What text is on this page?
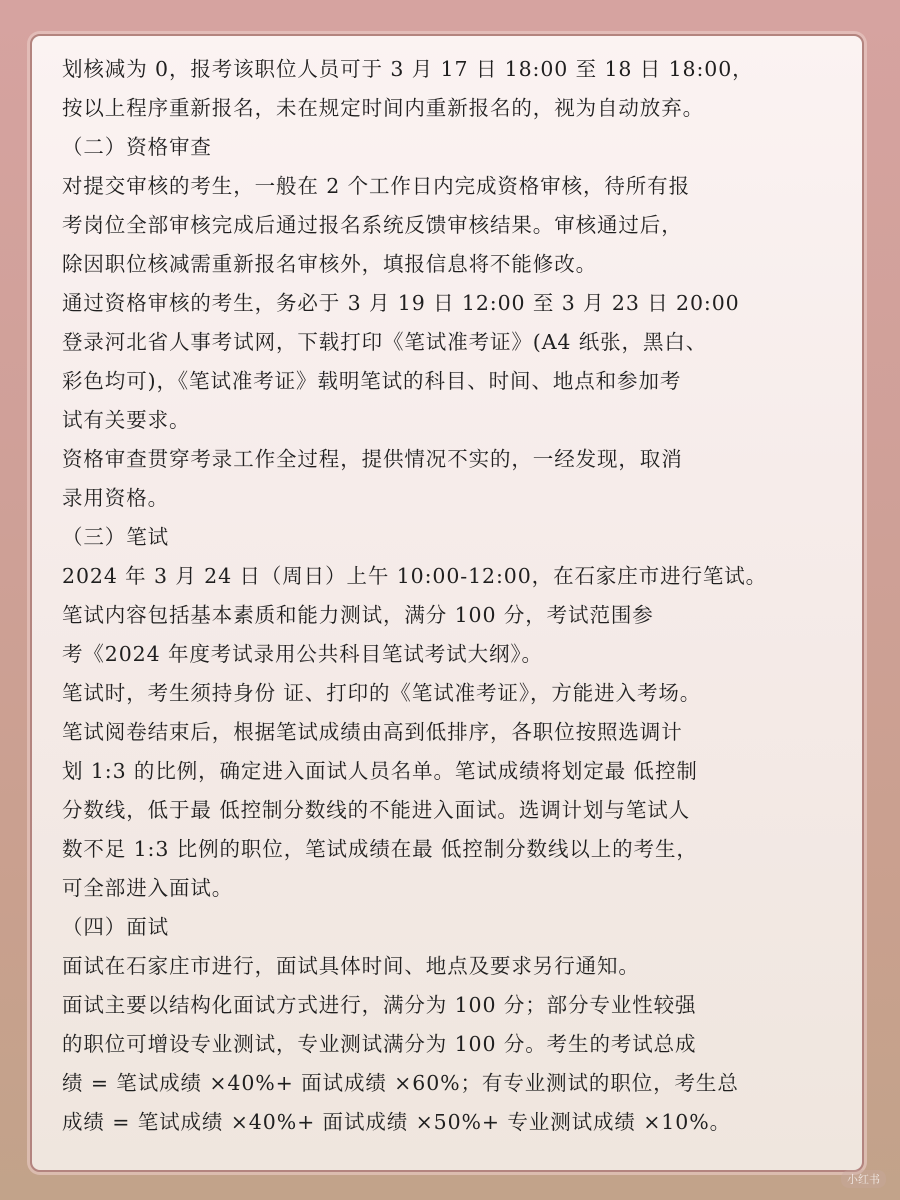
划核减为 0，报考该职位人员可于 3 月 17 日 18:00 至 18 日 18:00，
按以上程序重新报名，未在规定时间内重新报名的，视为自动放弃。
（二）资格审查
对提交审核的考生，一般在 2 个工作日内完成资格审核，待所有报
考岗位全部审核完成后通过报名系统反馈审核结果。审核通过后，
除因职位核减需重新报名审核外，填报信息将不能修改。
通过资格审核的考生，务必于 3 月 19 日 12:00 至 3 月 23 日 20:00
登录河北省人事考试网，下载打印《笔试准考证》(A4 纸张，黑白、
彩色均可)，《笔试准考证》载明笔试的科目、时间、地点和参加考
试有关要求。
资格审查贯穿考录工作全过程，提供情况不实的，一经发现，取消
录用资格。
（三）笔试
2024 年 3 月 24 日（周日）上午 10:00-12:00，在石家庄市进行笔试。
笔试内容包括基本素质和能力测试，满分 100 分，考试范围参
考《2024 年度考试录用公共科目笔试考试大纲》。
笔试时，考生须持身份 证、打印的《笔试准考证》，方能进入考场。
笔试阅卷结束后，根据笔试成绩由高到低排序，各职位按照选调计
划 1:3 的比例，确定进入面试人员名单。笔试成绩将划定最 低控制
分数线，低于最 低控制分数线的不能进入面试。选调计划与笔试人
数不足 1:3 比例的职位，笔试成绩在最 低控制分数线以上的考生，
可全部进入面试。
（四）面试
面试在石家庄市进行，面试具体时间、地点及要求另行通知。
面试主要以结构化面试方式进行，满分为 100 分；部分专业性较强
的职位可增设专业测试，专业测试满分为 100 分。考生的考试总成
绩 = 笔试成绩 ×40%+ 面试成绩 ×60%；有专业测试的职位，考生总
成绩 = 笔试成绩 ×40%+ 面试成绩 ×50%+ 专业测试成绩 ×10%。
小红书
